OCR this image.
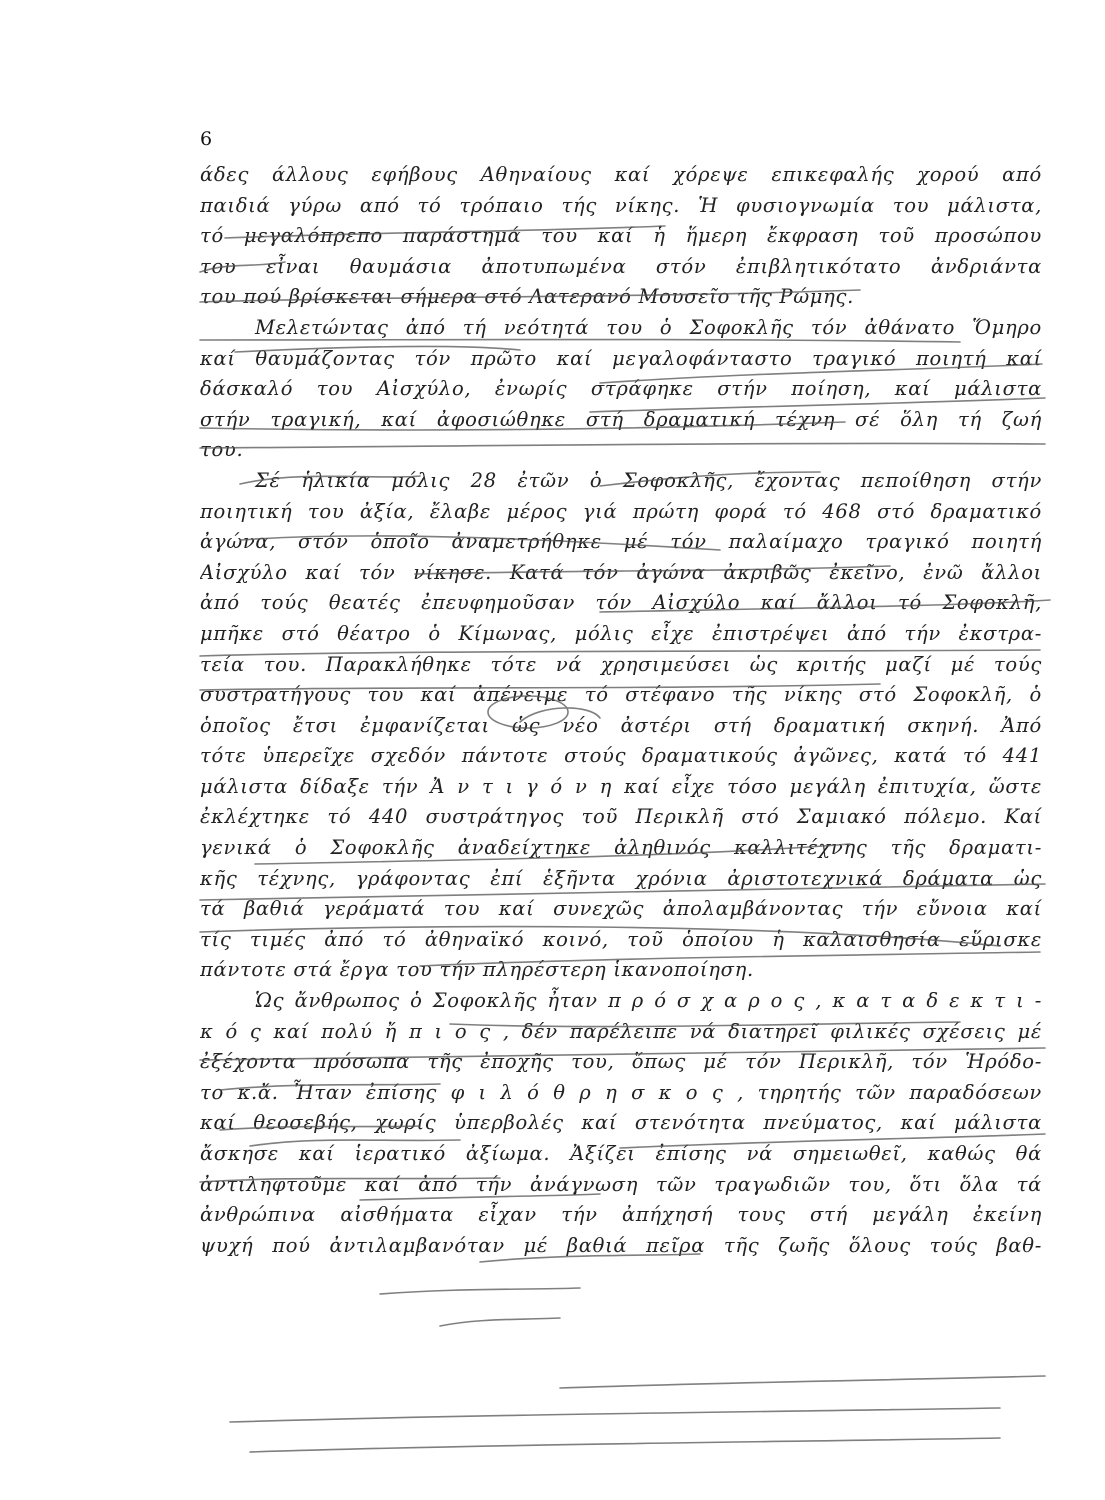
6
άδες άλλους εφήβους Αθηναίους καί χόρεψε επικεφαλής χορού από
παιδιά γύρω από τό τρόπαιο τής νίκης. Ἡ φυσιογνωμία του μάλιστα,
τό μεγαλόπρεπο παράστημά του καί ἡ ἥμερη ἔκφραση τοῦ προσώπου
του εἶναι θαυμάσια ἀποτυπωμένα στόν ἐπιβλητικότατο ἀνδριάντα
του πού βρίσκεται σήμερα στό Λατερανό Μουσεῖο τῆς Ρώμης.
Μελετώντας ἀπό τή νεότητά του ὁ Σοφοκλῆς τόν ἀθάνατο Ὅμηρο
καί θαυμάζοντας τόν πρῶτο καί μεγαλοφάνταστο τραγικό ποιητή καί
δάσκαλό του Αἰσχύλο, ἐνωρίς στράφηκε στήν ποίηση, καί μάλιστα
στήν τραγική, καί ἀφοσιώθηκε στή δραματική τέχνη σέ ὅλη τή ζωή
του.
Σέ ἡλικία μόλις 28 ἐτῶν ὁ Σοφοκλῆς, ἔχοντας πεποίθηση στήν
ποιητική του ἀξία, ἔλαβε μέρος γιά πρώτη φορά τό 468 στό δραματικό
ἀγώνα, στόν ὁποῖο ἀναμετρήθηκε μέ τόν παλαίμαχο τραγικό ποιητή
Αἰσχύλο καί τόν νίκησε. Κατά τόν ἀγώνα ἀκριβῶς ἐκεῖνο, ἐνῶ ἄλλοι
ἀπό τούς θεατές ἐπευφημοῦσαν τόν Αἰσχύλο καί ἄλλοι τό Σοφοκλῆ,
μπῆκε στό θέατρο ὁ Κίμωνας, μόλις εἶχε ἐπιστρέψει ἀπό τήν ἐκστρα-
τεία του. Παρακλήθηκε τότε νά χρησιμεύσει ὡς κριτής μαζί μέ τούς
συστρατήγους του καί ἀπένειμε τό στέφανο τῆς νίκης στό Σοφοκλῆ, ὁ
ὁποῖος ἔτσι ἐμφανίζεται ὡς νέο ἀστέρι στή δραματική σκηνή. Ἀπό
τότε ὑπερεῖχε σχεδόν πάντοτε στούς δραματικούς ἀγῶνες, κατά τό 441
μάλιστα δίδαξε τήν Ἀ ν τ ι γ ό ν η καί εἶχε τόσο μεγάλη ἐπιτυχία, ὥστε
ἐκλέχτηκε τό 440 συστράτηγος τοῦ Περικλῆ στό Σαμιακό πόλεμο. Καί
γενικά ὁ Σοφοκλῆς ἀναδείχτηκε ἀληθινός καλλιτέχνης τῆς δραματι-
κῆς τέχνης, γράφοντας ἐπί ἑξῆντα χρόνια ἀριστοτεχνικά δράματα ὡς
τά βαθιά γεράματά του καί συνεχῶς ἀπολαμβάνοντας τήν εὔνοια καί
τίς τιμές ἀπό τό ἀθηναϊκό κοινό, τοῦ ὁποίου ἡ καλαισθησία εὕρισκε
πάντοτε στά ἔργα του τήν πληρέστερη ἱκανοποίηση.
Ὡς ἄνθρωπος ὁ Σοφοκλῆς ἦταν π ρ ό σ χ α ρ ο ς , κ α τ α δ ε κ τ ι -
κ ό ς καί πολύ ἤ π ι ο ς , δέν παρέλειπε νά διατηρεῖ φιλικές σχέσεις μέ
ἐξέχοντα πρόσωπα τῆς ἐποχῆς του, ὅπως μέ τόν Περικλῆ, τόν Ἡρόδο-
το κ.ἄ. Ἦταν ἐπίσης φ ι λ ό θ ρ η σ κ ο ς , τηρητής τῶν παραδόσεων
καί θεοσεβής, χωρίς ὑπερβολές καί στενότητα πνεύματος, καί μάλιστα
ἄσκησε καί ἱερατικό ἀξίωμα. Ἀξίζει ἐπίσης νά σημειωθεῖ, καθώς θά
ἀντιληφτοῦμε καί ἀπό τήν ἀνάγνωση τῶν τραγωδιῶν του, ὅτι ὅλα τά
ἀνθρώπινα αἰσθήματα εἶχαν τήν ἀπήχησή τους στή μεγάλη ἐκείνη
ψυχή πού ἀντιλαμβανόταν μέ βαθιά πεῖρα τῆς ζωῆς ὅλους τούς βαθ-
